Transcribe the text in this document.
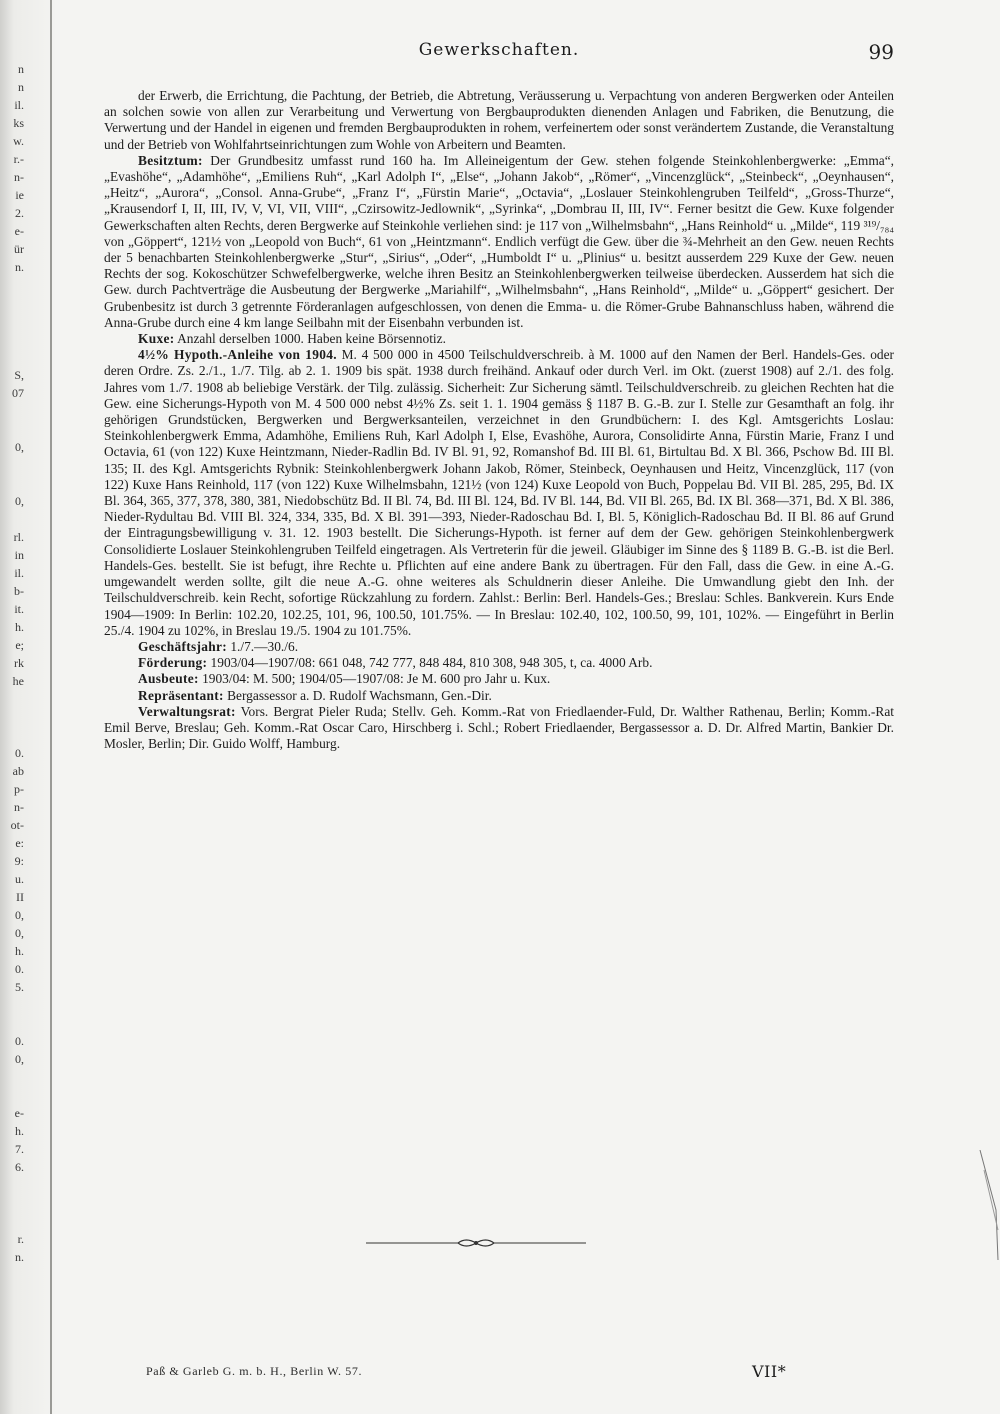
n
n
il.
ks
w.
r.-
n-
ie
2.
e-
ür
n.
S,
07
0,
0,
rl.
in
il.
b-
it.
h.
e;
rk
he
0.
ab
p-
n-
ot-
e:
9:
u.
II
0,
0,
h.
0.
5.
0.
0,
e-
h.
7.
6.
r.
n.
Gewerkschaften.	99

der Erwerb, die Errichtung, die Pachtung, der Betrieb, die Abtretung, Veräusserung u. Verpachtung von anderen Bergwerken oder Anteilen an solchen sowie von allen zur Verarbeitung und Verwertung von Bergbauprodukten dienenden Anlagen und Fabriken, die Benutzung, die Verwertung und der Handel in eigenen und fremden Bergbauprodukten in rohem, verfeinertem oder sonst verändertem Zustande, die Veranstaltung und der Betrieb von Wohlfahrtseinrichtungen zum Wohle von Arbeitern und Beamten.

Besitztum: Der Grundbesitz umfasst rund 160 ha. Im Alleineigentum der Gew. stehen folgende Steinkohlenbergwerke: „Emma“, „Evashöhe“, „Adamhöhe“, „Emiliens Ruh“, „Karl Adolph I“, „Else“, „Johann Jakob“, „Römer“, „Vincenzglück“, „Steinbeck“, „Oeynhausen“, „Heitz“, „Aurora“, „Consol. Anna-Grube“, „Franz I“, „Fürstin Marie“, „Octavia“, „Loslauer Steinkohlengruben Teilfeld“, „Gross-Thurze“, „Krausendorf I, II, III, IV, V, VI, VII, VIII“, „Czirsowitz-Jedlownik“, „Syrinka“, „Dombrau II, III, IV“. Ferner besitzt die Gew. Kuxe folgender Gewerkschaften alten Rechts, deren Bergwerke auf Steinkohle verliehen sind: je 117 von „Wilhelmsbahn“, „Hans Reinhold“ u. „Milde“, 119 ³¹⁹/₇₈₄ von „Göppert“, 121½ von „Leopold von Buch“, 61 von „Heintzmann“. Endlich verfügt die Gew. über die ¾-Mehrheit an den Gew. neuen Rechts der 5 benachbarten Steinkohlenbergwerke „Stur“, „Sirius“, „Oder“, „Humboldt I“ u. „Plinius“ u. besitzt ausserdem 229 Kuxe der Gew. neuen Rechts der sog. Kokoschützer Schwefelbergwerke, welche ihren Besitz an Steinkohlenbergwerken teilweise überdecken. Ausserdem hat sich die Gew. durch Pachtverträge die Ausbeutung der Bergwerke „Mariahilf“, „Wilhelmsbahn“, „Hans Reinhold“, „Milde“ u. „Göppert“ gesichert. Der Grubenbesitz ist durch 3 getrennte Förderanlagen aufgeschlossen, von denen die Emma- u. die Römer-Grube Bahnanschluss haben, während die Anna-Grube durch eine 4 km lange Seilbahn mit der Eisenbahn verbunden ist.

Kuxe: Anzahl derselben 1000. Haben keine Börsennotiz.

4½% Hypoth.-Anleihe von 1904. M. 4 500 000 in 4500 Teilschuldverschreib. à M. 1000 auf den Namen der Berl. Handels-Ges. oder deren Ordre. Zs. 2./1., 1./7. Tilg. ab 2. 1. 1909 bis spät. 1938 durch freihänd. Ankauf oder durch Verl. im Okt. (zuerst 1908) auf 2./1. des folg. Jahres vom 1./7. 1908 ab beliebige Verstärk. der Tilg. zulässig. Sicherheit: Zur Sicherung sämtl. Teilschuldverschreib. zu gleichen Rechten hat die Gew. eine Sicherungs-Hypoth von M. 4 500 000 nebst 4½% Zs. seit 1. 1. 1904 gemäss § 1187 B. G.-B. zur I. Stelle zur Gesamthaft an folg. ihr gehörigen Grundstücken, Bergwerken und Bergwerksanteilen, verzeichnet in den Grundbüchern: I. des Kgl. Amtsgerichts Loslau: Steinkohlenbergwerk Emma, Adamhöhe, Emiliens Ruh, Karl Adolph I, Else, Evashöhe, Aurora, Consolidirte Anna, Fürstin Marie, Franz I und Octavia, 61 (von 122) Kuxe Heintzmann, Nieder-Radlin Bd. IV Bl. 91, 92, Romanshof Bd. III Bl. 61, Birtultau Bd. X Bl. 366, Pschow Bd. III Bl. 135; II. des Kgl. Amtsgerichts Rybnik: Steinkohlenbergwerk Johann Jakob, Römer, Steinbeck, Oeynhausen und Heitz, Vincenzglück, 117 (von 122) Kuxe Hans Reinhold, 117 (von 122) Kuxe Wilhelmsbahn, 121½ (von 124) Kuxe Leopold von Buch, Poppelau Bd. VII Bl. 285, 295, Bd. IX Bl. 364, 365, 377, 378, 380, 381, Niedobschütz Bd. II Bl. 74, Bd. III Bl. 124, Bd. IV Bl. 144, Bd. VII Bl. 265, Bd. IX Bl. 368—371, Bd. X Bl. 386, Nieder-Rydultau Bd. VIII Bl. 324, 334, 335, Bd. X Bl. 391—393, Nieder-Radoschau Bd. I, Bl. 5, Königlich-Radoschau Bd. II Bl. 86 auf Grund der Eintragungsbewilligung v. 31. 12. 1903 bestellt. Die Sicherungs-Hypoth. ist ferner auf dem der Gew. gehörigen Steinkohlenbergwerk Consolidierte Loslauer Steinkohlengruben Teilfeld eingetragen. Als Vertreterin für die jeweil. Gläubiger im Sinne des § 1189 B. G.-B. ist die Berl. Handels-Ges. bestellt. Sie ist befugt, ihre Rechte u. Pflichten auf eine andere Bank zu übertragen. Für den Fall, dass die Gew. in eine A.-G. umgewandelt werden sollte, gilt die neue A.-G. ohne weiteres als Schuldnerin dieser Anleihe. Die Umwandlung giebt den Inh. der Teilschuldverschreib. kein Recht, sofortige Rückzahlung zu fordern. Zahlst.: Berlin: Berl. Handels-Ges.; Breslau: Schles. Bankverein. Kurs Ende 1904—1909: In Berlin: 102.20, 102.25, 101, 96, 100.50, 101.75%. — In Breslau: 102.40, 102, 100.50, 99, 101, 102%. — Eingeführt in Berlin 25./4. 1904 zu 102%, in Breslau 19./5. 1904 zu 101.75%.

Geschäftsjahr: 1./7.—30./6.

Förderung: 1903/04—1907/08: 661 048, 742 777, 848 484, 810 308, 948 305, t, ca. 4000 Arb.

Ausbeute: 1903/04: M. 500; 1904/05—1907/08: Je M. 600 pro Jahr u. Kux.

Repräsentant: Bergassessor a. D. Rudolf Wachsmann, Gen.-Dir.

Verwaltungsrat: Vors. Bergrat Pieler Ruda; Stellv. Geh. Komm.-Rat von Friedlaender-Fuld, Dr. Walther Rathenau, Berlin; Komm.-Rat Emil Berve, Breslau; Geh. Komm.-Rat Oscar Caro, Hirschberg i. Schl.; Robert Friedlaender, Bergassessor a. D. Dr. Alfred Martin, Bankier Dr. Mosler, Berlin; Dir. Guido Wolff, Hamburg.

Paß & Garleb G. m. b. H., Berlin W. 57.	VII*
